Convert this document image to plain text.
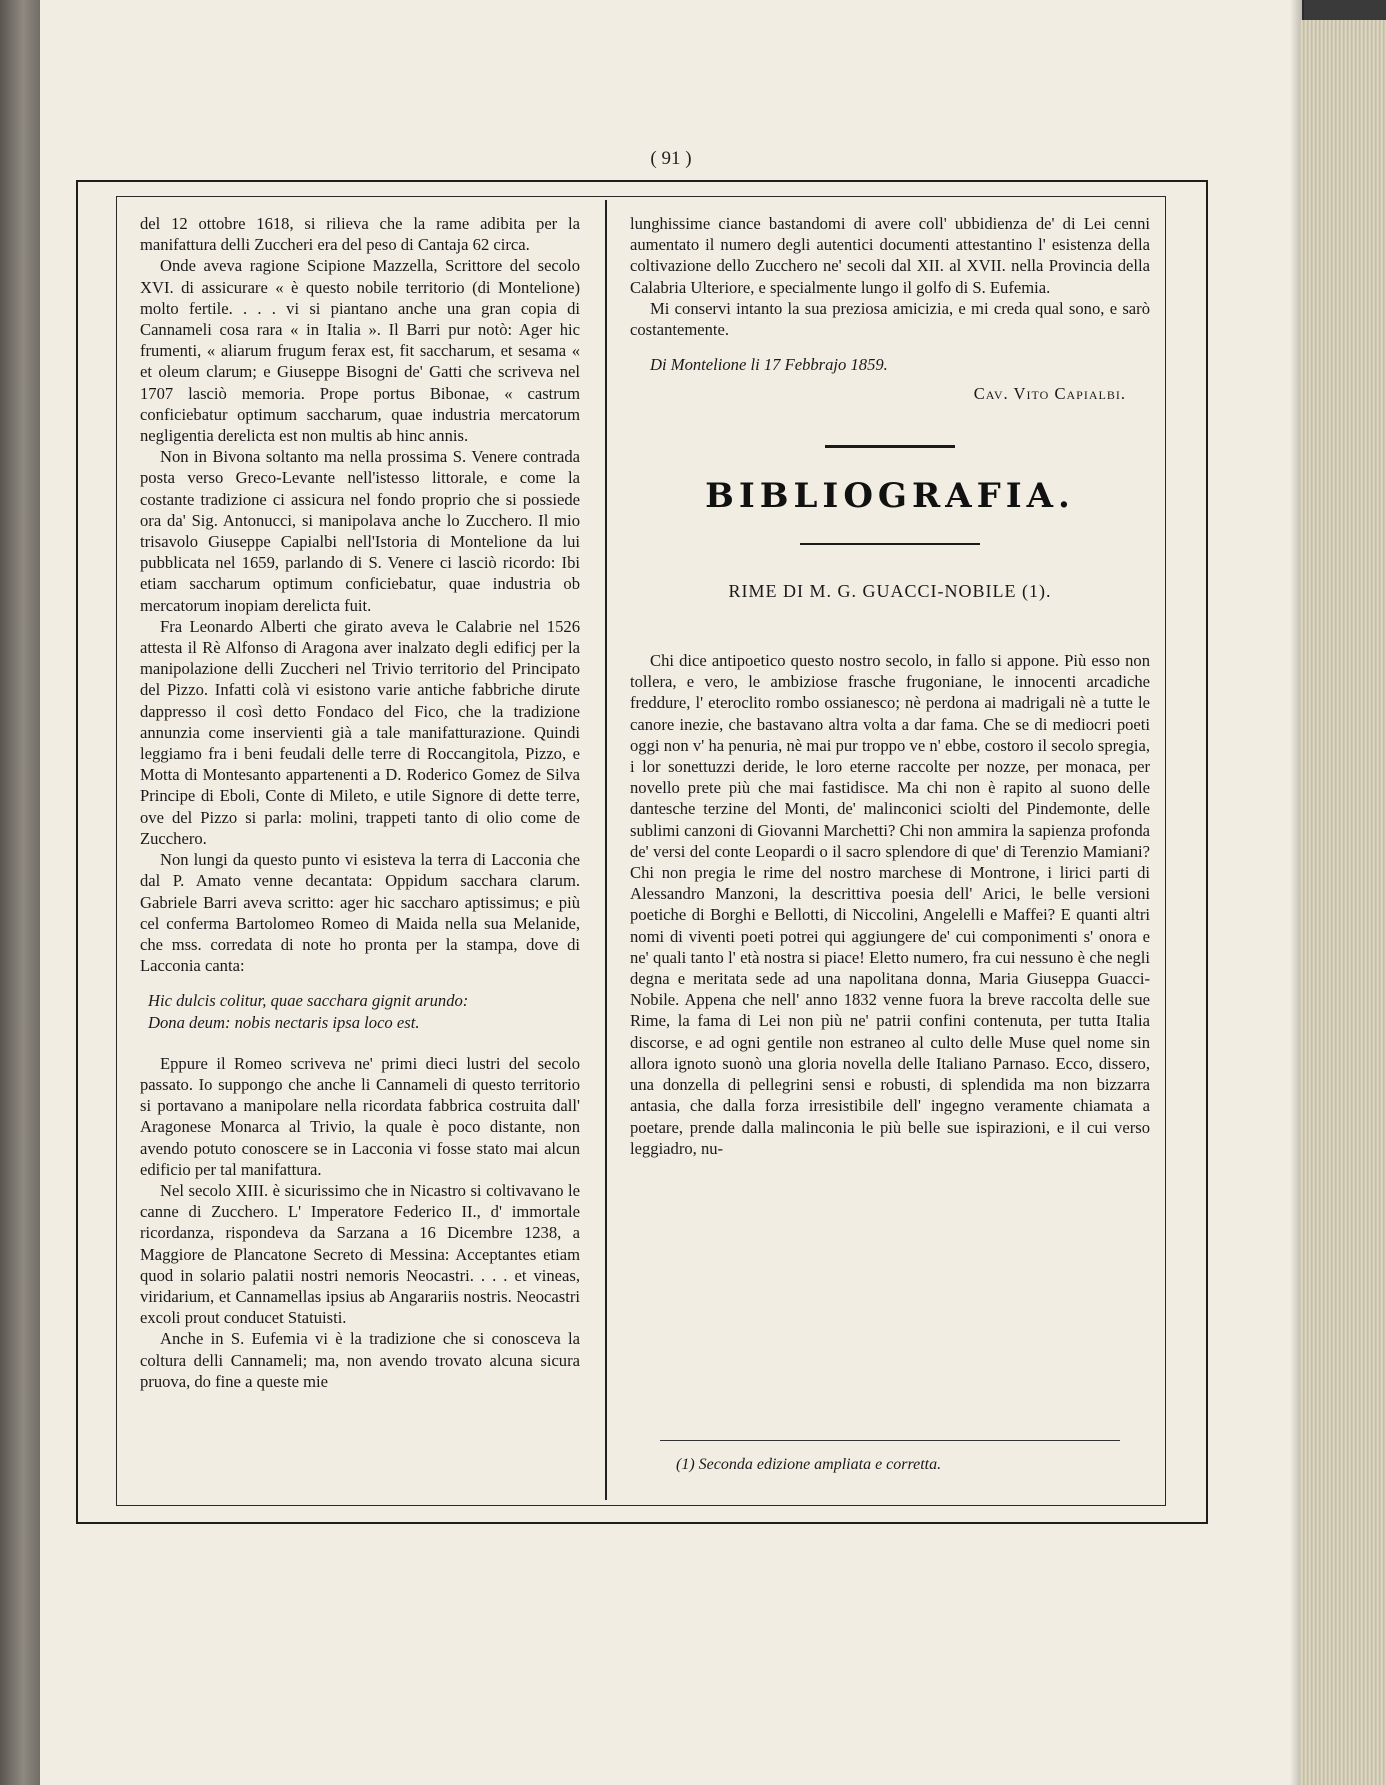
( 91 )

del 12 ottobre 1618, si rilieva che la rame adibita per la manifattura delli Zuccheri era del peso di Cantaja 62 circa.

Onde aveva ragione Scipione Mazzella, Scrittore del secolo XVI. di assicurare « è questo nobile territorio (di Montelione) molto fertile. . . . vi si piantano anche una gran copia di Cannameli cosa rara « in Italia ». Il Barri pur notò: Ager hic frumenti, « aliarum frugum ferax est, fit saccharum, et sesama « et oleum clarum; e Giuseppe Bisogni de' Gatti che scriveva nel 1707 lasciò memoria. Prope portus Bibonae, « castrum conficiebatur optimum saccharum, quae industria mercatorum negligentia derelicta est non multis ab hinc annis.

Non in Bivona soltanto ma nella prossima S. Venere contrada posta verso Greco-Levante nell'istesso littorale, e come la costante tradizione ci assicura nel fondo proprio che si possiede ora da' Sig. Antonucci, si manipolava anche lo Zucchero. Il mio trisavolo Giuseppe Capialbi nell'Istoria di Montelione da lui pubblicata nel 1659, parlando di S. Venere ci lasciò ricordo: Ibi etiam saccharum optimum conficiebatur, quae industria ob mercatorum inopiam derelicta fuit.

Fra Leonardo Alberti che girato aveva le Calabrie nel 1526 attesta il Rè Alfonso di Aragona aver inalzato degli edificj per la manipolazione delli Zuccheri nel Trivio territorio del Principato del Pizzo. Infatti colà vi esistono varie antiche fabbriche dirute dappresso il così detto Fondaco del Fico, che la tradizione annunzia come inservienti già a tale manifatturazione. Quindi leggiamo fra i beni feudali delle terre di Roccangitola, Pizzo, e Motta di Montesanto appartenenti a D. Roderico Gomez de Silva Principe di Eboli, Conte di Mileto, e utile Signore di dette terre, ove del Pizzo si parla: molini, trappeti tanto di olio come de Zucchero.

Non lungi da questo punto vi esisteva la terra di Lacconia che dal P. Amato venne decantata: Oppidum sacchara clarum. Gabriele Barri aveva scritto: ager hic saccharo aptissimus; e più cel conferma Bartolomeo Romeo di Maida nella sua Melanide, che mss. corredata di note ho pronta per la stampa, dove di Lacconia canta:

Hic dulcis colitur, quae sacchara gignit arundo:
Dona deum: nobis nectaris ipsa loco est.

Eppure il Romeo scriveva ne' primi dieci lustri del secolo passato. Io suppongo che anche li Cannameli di questo territorio si portavano a manipolare nella ricordata fabbrica costruita dall' Aragonese Monarca al Trivio, la quale è poco distante, non avendo potuto conoscere se in Lacconia vi fosse stato mai alcun edificio per tal manifattura.

Nel secolo XIII. è sicurissimo che in Nicastro si coltivavano le canne di Zucchero. L' Imperatore Federico II., d' immortale ricordanza, rispondeva da Sarzana a 16 Dicembre 1238, a Maggiore de Plancatone Secreto di Messina: Acceptantes etiam quod in solario palatii nostri nemoris Neocastri. . . . et vineas, viridarium, et Cannamellas ipsius ab Angarariis nostris. Neocastri excoli prout conducet Statuisti.

Anche in S. Eufemia vi è la tradizione che si conosceva la coltura delli Cannameli; ma, non avendo trovato alcuna sicura pruova, do fine a queste mie

lunghissime ciance bastandomi di avere coll' ubbidienza de' di Lei cenni aumentato il numero degli autentici documenti attestantino l' esistenza della coltivazione dello Zucchero ne' secoli dal XII. al XVII. nella Provincia della Calabria Ulteriore, e specialmente lungo il golfo di S. Eufemia.

Mi conservi intanto la sua preziosa amicizia, e mi creda qual sono, e sarò costantemente.

Di Montelione li 17 Febbrajo 1859.
Cav. Vito Capialbi.
BIBLIOGRAFIA.
RIME DI M. G. GUACCI-NOBILE (1).

Chi dice antipoetico questo nostro secolo, in fallo si appone. Più esso non tollera, e vero, le ambiziose frasche frugoniane, le innocenti arcadiche freddure, l' eteroclito rombo ossianesco; nè perdona ai madrigali nè a tutte le canore inezie, che bastavano altra volta a dar fama. Che se di mediocri poeti oggi non v' ha penuria, nè mai pur troppo ve n' ebbe, costoro il secolo spregia, i lor sonettuzzi deride, le loro eterne raccolte per nozze, per monaca, per novello prete più che mai fastidisce. Ma chi non è rapito al suono delle dantesche terzine del Monti, de' malinconici sciolti del Pindemonte, delle sublimi canzoni di Giovanni Marchetti? Chi non ammira la sapienza profonda de' versi del conte Leopardi o il sacro splendore di que' di Terenzio Mamiani? Chi non pregia le rime del nostro marchese di Montrone, i lirici parti di Alessandro Manzoni, la descrittiva poesia dell' Arici, le belle versioni poetiche di Borghi e Bellotti, di Niccolini, Angelelli e Maffei? E quanti altri nomi di viventi poeti potrei qui aggiungere de' cui componimenti s' onora e ne' quali tanto l' età nostra si piace! Eletto numero, fra cui nessuno è che negli degna e meritata sede ad una napolitana donna, Maria Giuseppa Guacci-Nobile. Appena che nell' anno 1832 venne fuora la breve raccolta delle sue Rime, la fama di Lei non più ne' patrii confini contenuta, per tutta Italia discorse, e ad ogni gentile non estraneo al culto delle Muse quel nome sin allora ignoto suonò una gloria novella delle Italiano Parnaso. Ecco, dissero, una donzella di pellegrini sensi e robusti, di splendida ma non bizzarra antasia, che dalla forza irresistibile dell' ingegno veramente chiamata a poetare, prende dalla malinconia le più belle sue ispirazioni, e il cui verso leggiadro, nu-

(1) Seconda edizione ampliata e corretta.
